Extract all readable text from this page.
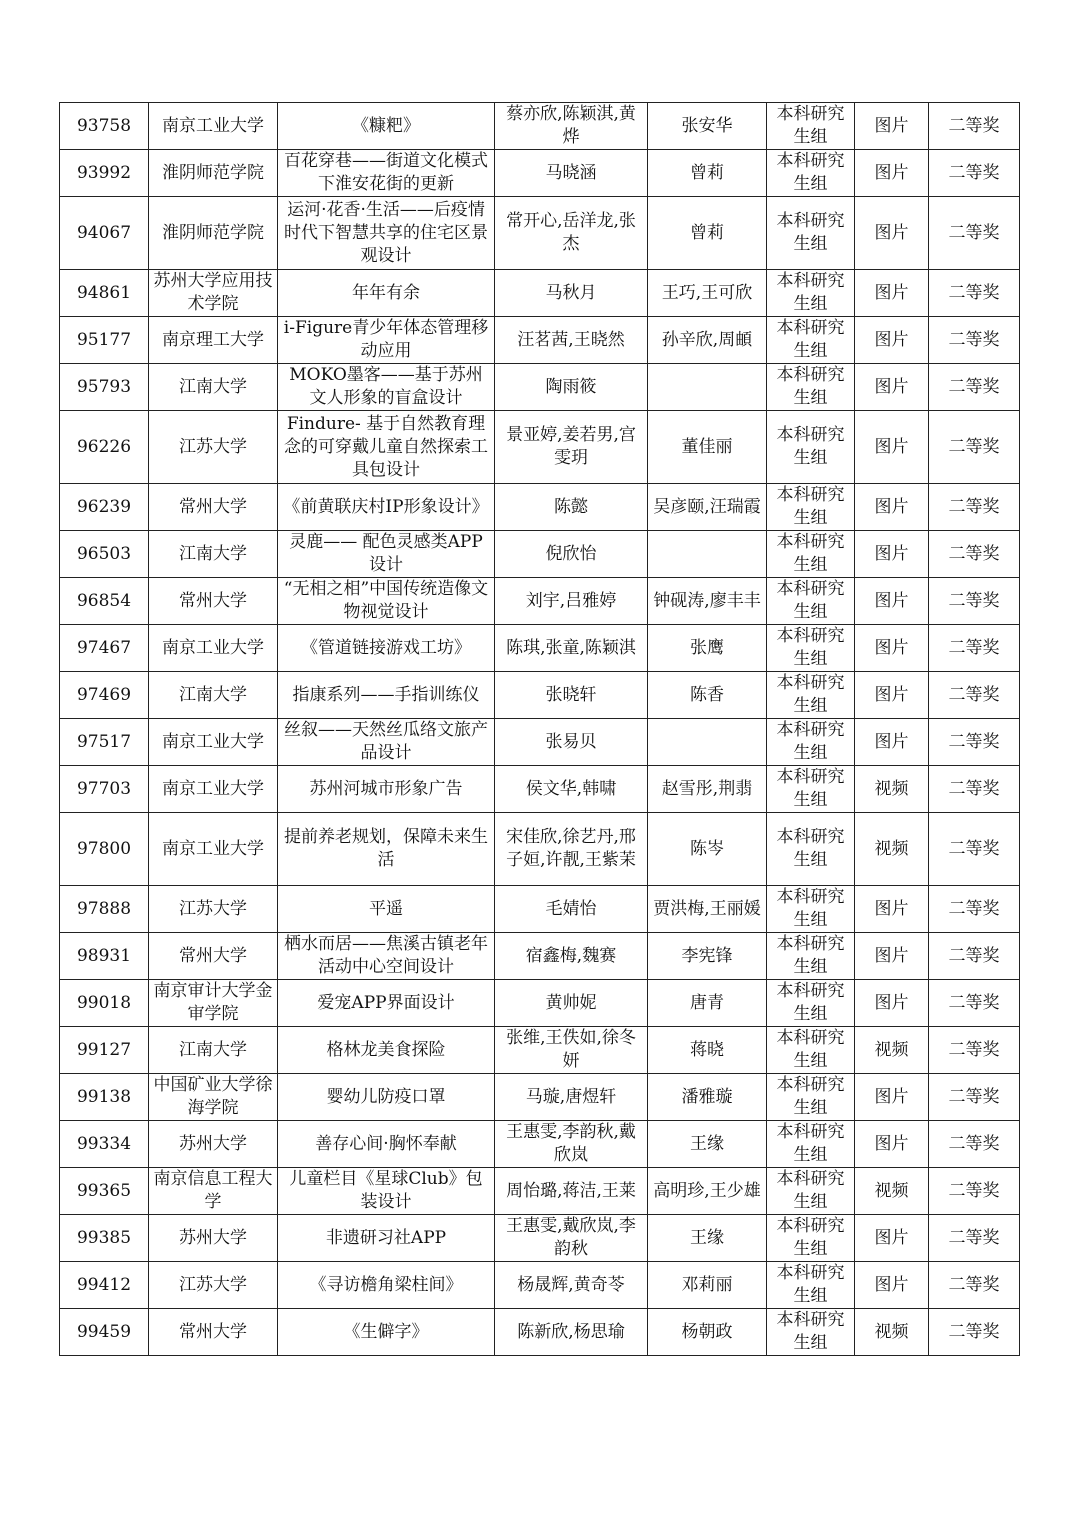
93758	南京工业大学	《糠粑》	蔡亦欣,陈颖淇,黄烨	张安华	本科研究生组	图片	二等奖
93992	淮阴师范学院	百花穿巷——街道文化模式下淮安花街的更新	马晓涵	曾莉	本科研究生组	图片	二等奖
94067	淮阴师范学院	运河·花香·生活——后疫情时代下智慧共享的住宅区景观设计	常开心,岳洋龙,张杰	曾莉	本科研究生组	图片	二等奖
94861	苏州大学应用技术学院	年年有余	马秋月	王巧,王可欣	本科研究生组	图片	二等奖
95177	南京理工大学	i-Figure青少年体态管理移动应用	汪茗茜,王晓然	孙辛欣,周頔	本科研究生组	图片	二等奖
95793	江南大学	MOKO墨客——基于苏州文人形象的盲盒设计	陶雨筱		本科研究生组	图片	二等奖
96226	江苏大学	Findure- 基于自然教育理念的可穿戴儿童自然探索工具包设计	景亚婷,姜若男,宫雯玥	董佳丽	本科研究生组	图片	二等奖
96239	常州大学	《前黄联庆村IP形象设计》	陈懿	吴彦颐,汪瑞霞	本科研究生组	图片	二等奖
96503	江南大学	灵鹿—— 配色灵感类APP设计	倪欣怡		本科研究生组	图片	二等奖
96854	常州大学	“无相之相”中国传统造像文物视觉设计	刘宇,吕雅婷	钟砚涛,廖丰丰	本科研究生组	图片	二等奖
97467	南京工业大学	《管道链接游戏工坊》	陈琪,张童,陈颖淇	张鹰	本科研究生组	图片	二等奖
97469	江南大学	指康系列——手指训练仪	张晓轩	陈香	本科研究生组	图片	二等奖
97517	南京工业大学	丝叙——天然丝瓜络文旅产品设计	张易贝		本科研究生组	图片	二等奖
97703	南京工业大学	苏州河城市形象广告	侯文华,韩啸	赵雪彤,荆翡	本科研究生组	视频	二等奖
97800	南京工业大学	提前养老规划，保障未来生活	宋佳欣,徐艺丹,邢子姮,许靓,王紫茉	陈岑	本科研究生组	视频	二等奖
97888	江苏大学	平遥	毛婧怡	贾洪梅,王丽媛	本科研究生组	图片	二等奖
98931	常州大学	栖水而居——焦溪古镇老年活动中心空间设计	宿鑫梅,魏赛	李宪锋	本科研究生组	图片	二等奖
99018	南京审计大学金审学院	爱宠APP界面设计	黄帅妮	唐青	本科研究生组	图片	二等奖
99127	江南大学	格林龙美食探险	张维,王佚如,徐冬妍	蒋晓	本科研究生组	视频	二等奖
99138	中国矿业大学徐海学院	婴幼儿防疫口罩	马璇,唐煜轩	潘雅璇	本科研究生组	图片	二等奖
99334	苏州大学	善存心间·胸怀奉献	王惠雯,李韵秋,戴欣岚	王缘	本科研究生组	图片	二等奖
99365	南京信息工程大学	儿童栏目《星球Club》包装设计	周怡璐,蒋洁,王莱	高明珍,王少雄	本科研究生组	视频	二等奖
99385	苏州大学	非遗研习社APP	王惠雯,戴欣岚,李韵秋	王缘	本科研究生组	图片	二等奖
99412	江苏大学	《寻访檐角梁柱间》	杨晟辉,黄奇苓	邓莉丽	本科研究生组	图片	二等奖
99459	常州大学	《生僻字》	陈新欣,杨思瑜	杨朝政	本科研究生组	视频	二等奖
